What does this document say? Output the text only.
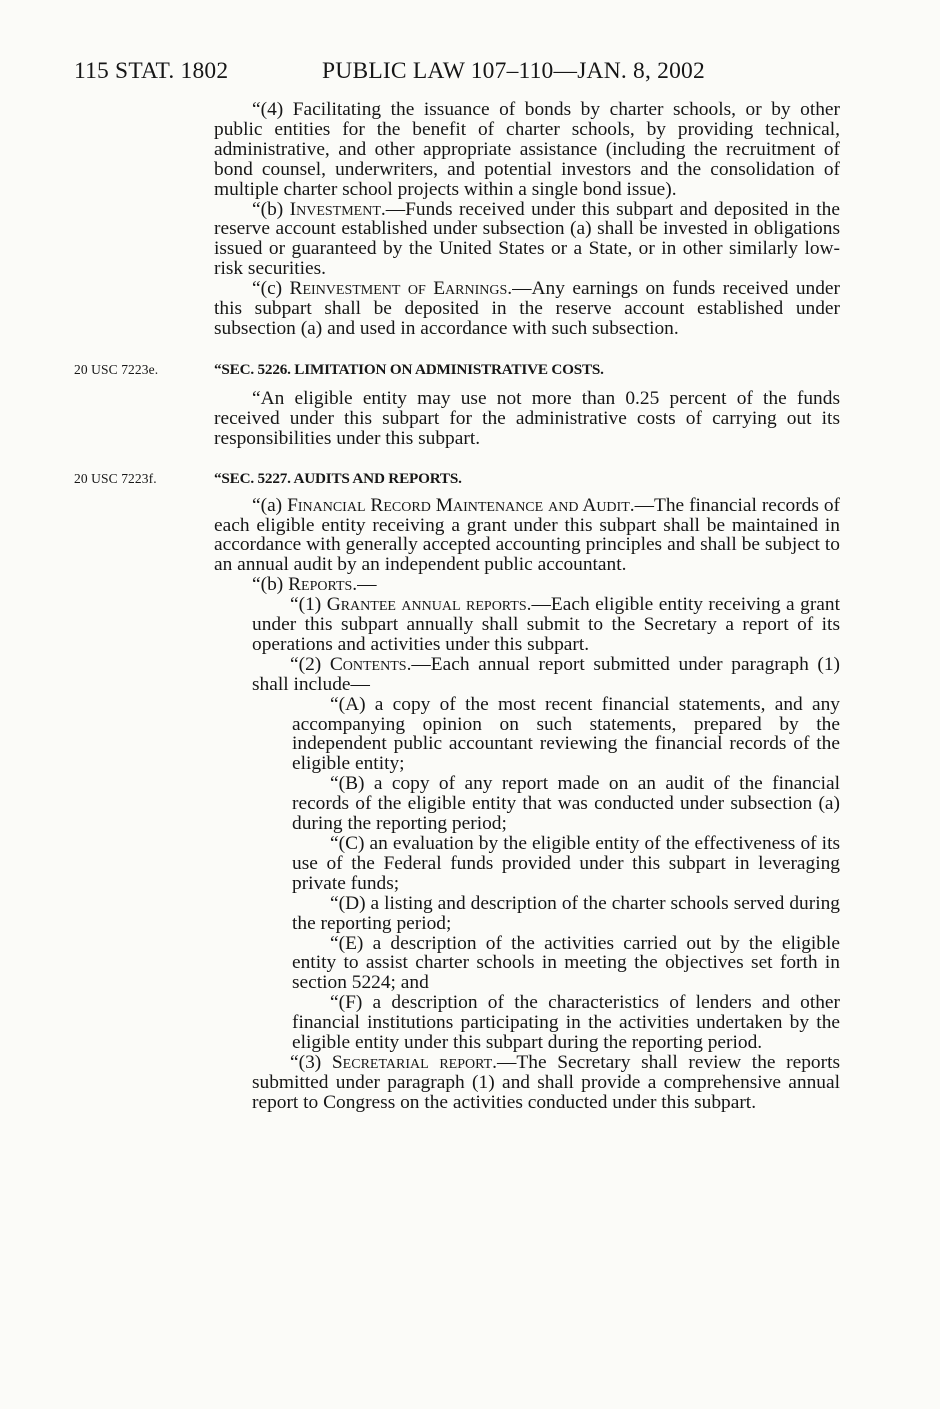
115 STAT. 1802	PUBLIC LAW 107–110—JAN. 8, 2002

“(4) Facilitating the issuance of bonds by charter schools, or by other public entities for the benefit of charter schools, by providing technical, administrative, and other appropriate assistance (including the recruitment of bond counsel, underwriters, and potential investors and the consolidation of multiple charter school projects within a single bond issue).

“(b) Investment.—Funds received under this subpart and deposited in the reserve account established under subsection (a) shall be invested in obligations issued or guaranteed by the United States or a State, or in other similarly low-risk securities.

“(c) Reinvestment of Earnings.—Any earnings on funds received under this subpart shall be deposited in the reserve account established under subsection (a) and used in accordance with such subsection.

20 USC 7223e.	“SEC. 5226. LIMITATION ON ADMINISTRATIVE COSTS.

“An eligible entity may use not more than 0.25 percent of the funds received under this subpart for the administrative costs of carrying out its responsibilities under this subpart.

20 USC 7223f.	“SEC. 5227. AUDITS AND REPORTS.

“(a) Financial Record Maintenance and Audit.—The financial records of each eligible entity receiving a grant under this subpart shall be maintained in accordance with generally accepted accounting principles and shall be subject to an annual audit by an independent public accountant.

“(b) Reports.—

“(1) Grantee annual reports.—Each eligible entity receiving a grant under this subpart annually shall submit to the Secretary a report of its operations and activities under this subpart.

“(2) Contents.—Each annual report submitted under paragraph (1) shall include—

“(A) a copy of the most recent financial statements, and any accompanying opinion on such statements, prepared by the independent public accountant reviewing the financial records of the eligible entity;

“(B) a copy of any report made on an audit of the financial records of the eligible entity that was conducted under subsection (a) during the reporting period;

“(C) an evaluation by the eligible entity of the effectiveness of its use of the Federal funds provided under this subpart in leveraging private funds;

“(D) a listing and description of the charter schools served during the reporting period;

“(E) a description of the activities carried out by the eligible entity to assist charter schools in meeting the objectives set forth in section 5224; and

“(F) a description of the characteristics of lenders and other financial institutions participating in the activities undertaken by the eligible entity under this subpart during the reporting period.

“(3) Secretarial report.—The Secretary shall review the reports submitted under paragraph (1) and shall provide a comprehensive annual report to Congress on the activities conducted under this subpart.
